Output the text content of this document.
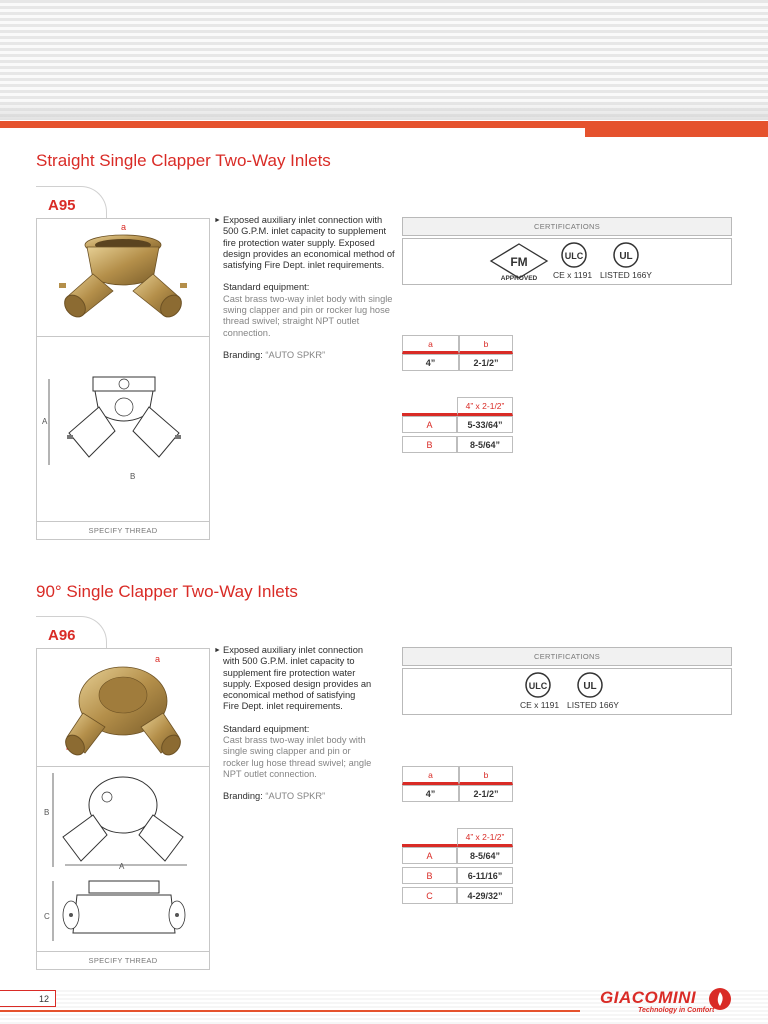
Straight Single Clapper Two-Way Inlets
A95
a
A
B
SPECIFY THREAD
► Exposed auxiliary inlet connection with 500 G.P.M. inlet capacity to supplement fire protection water supply. Exposed design provides an economical method of satisfying Fire Dept. inlet requirements.

Standard equipment:

Cast brass two-way inlet body with single swing clapper and pin or rocker lug hose thread swivel; straight NPT outlet connection.

Branding: “AUTO SPKR”

CERTIFICATIONS
FM
APPROVED
ULC	UL
CE x 1191 LISTED 166Y
a	b
4”	2-1/2”
	4” x 2-1/2”
A	5-33/64”

B	8-5/64”
90° Single Clapper Two-Way Inlets
A96
a
B
A
C
SPECIFY THREAD
► Exposed auxiliary inlet connection with 500 G.P.M. inlet capacity to supplement fire protection water supply. Exposed design provides an economical method of satisfying Fire Dept. inlet requirements.

Standard equipment:

Cast brass two-way inlet body with single swing clapper and pin or rocker lug hose thread swivel; angle NPT outlet connection.

Branding: “AUTO SPKR”

CERTIFICATIONS
ULC	UL
CE x 1191 LISTED 166Y
a	b
4”	2-1/2”
	4” x 2-1/2”
A	8-5/64”

B	6-11/16”

C	4-29/32”
12	GIACOMINI
Technology in Comfort
